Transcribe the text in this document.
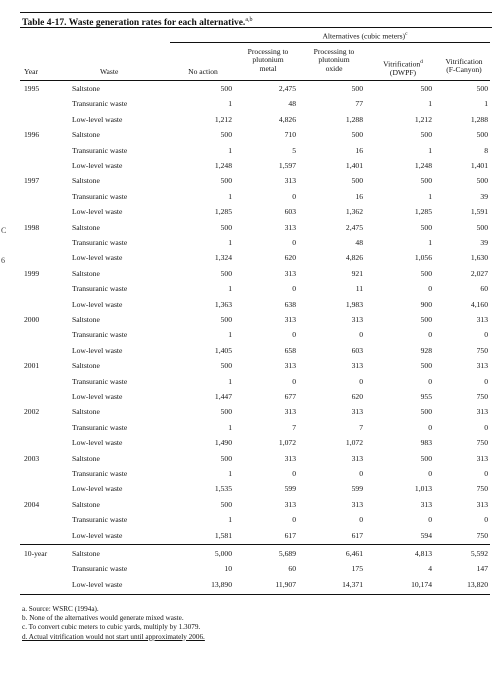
C
6
Table 4-17. Waste generation rates for each alternative.$^{a,b}$
Alternatives (cubic meters)$^c$
Year	Waste	No action
Processing to
plutonium
metal
Processing to
plutonium
oxide	Vitrification$^d$
(DWPF)
Vitrification
(F-Canyon)
1995	Saltstone	500	2,475	500	500	500
Transuranic waste	1	48	77	1	1
Low-level waste	1,212	4,826	1,288	1,212	1,288
1996	Saltstone	500	710	500	500	500
Transuranic waste	1	5	16	1	8
Low-level waste	1,248	1,597	1,401	1,248	1,401
1997	Saltstone	500	313	500	500	500
Transuranic waste	1	0	16	1	39
Low-level waste	1,285	603	1,362	1,285	1,591
1998	Saltstone	500	313	2,475	500	500
Transuranic waste	1	0	48	1	39
Low-level waste	1,324	620	4,826	1,056	1,630
1999	Saltstone	500	313	921	500	2,027
Transuranic waste	1	0	11	0	60
Low-level waste	1,363	638	1,983	900	4,160
2000	Saltstone	500	313	313	500	313
Transuranic waste	1	0	0	0	0
Low-level waste	1,405	658	603	928	750
2001	Saltstone	500	313	313	500	313
Transuranic waste	1	0	0	0	0
Low-level waste	1,447	677	620	955	750
2002	Saltstone	500	313	313	500	313
Transuranic waste	1	7	7	0	0
Low-level waste	1,490	1,072	1,072	983	750
2003	Saltstone	500	313	313	500	313
Transuranic waste	1	0	0	0	0
Low-level waste	1,535	599	599	1,013	750
2004	Saltstone	500	313	313	313	313
Transuranic waste	1	0	0	0	0
Low-level waste	1,581	617	617	594	750
10-year	Saltstone	5,000	5,689	6,461	4,813	5,592
Transuranic waste	10	60	175	4	147
Low-level waste	13,890	11,907	14,371	10,174	13,820
a. Source: WSRC (1994a).
b. None of the alternatives would generate mixed waste.
c. To convert cubic meters to cubic yards, multiply by 1.3079.
d. Actual vitrification would not start until approximately 2006.
